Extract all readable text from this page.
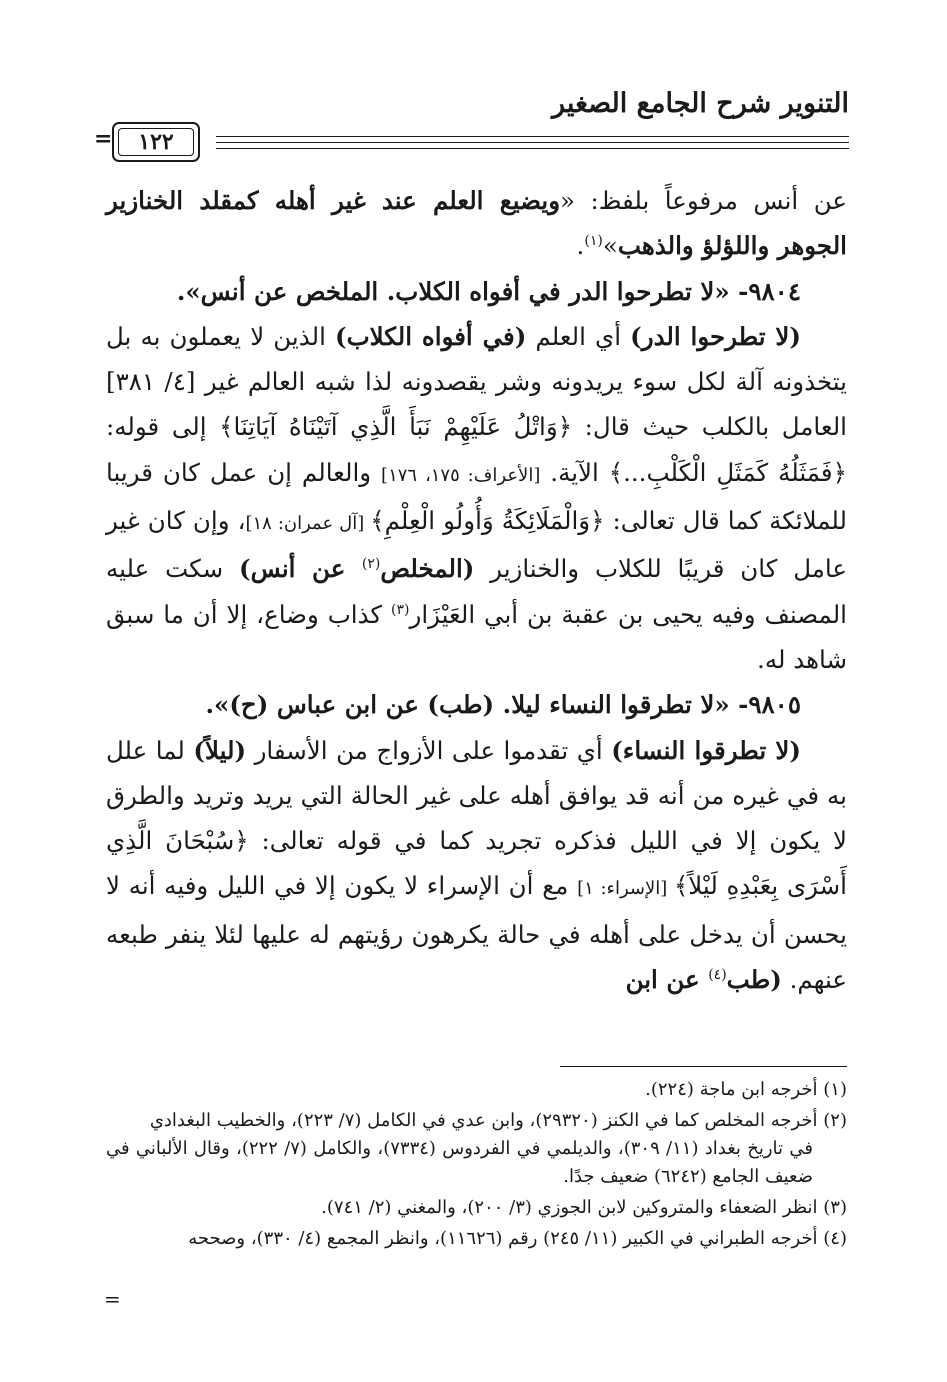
التنوير شرح الجامع الصغير
١٢٢
=

عن أنس مرفوعاً بلفظ: «ويضيع العلم عند غير أهله كمقلد الخنازير الجوهر واللؤلؤ والذهب»$^{(١)}$.

٩٨٠٤- «لا تطرحوا الدر في أفواه الكلاب. الملخص عن أنس».

(لا تطرحوا الدر) أي العلم (في أفواه الكلاب) الذين لا يعملون به بل يتخذونه آلة لكل سوء يريدونه وشر يقصدونه لذا شبه العالم غير [٤/ ٣٨١] العامل بالكلب حيث قال: ﴿وَاتْلُ عَلَيْهِمْ نَبَأَ الَّذِي آتَيْنَاهُ آيَاتِنَا﴾ إلى قوله: ﴿فَمَثَلُهُ كَمَثَلِ الْكَلْبِ...﴾ الآية. [الأعراف: ١٧٥، ١٧٦] والعالم إن عمل كان قريبا للملائكة كما قال تعالى: ﴿وَالْمَلَائِكَةُ وَأُولُو الْعِلْمِ﴾ [آل عمران: ١٨]، وإن كان غير عامل كان قريبًا للكلاب والخنازير (المخلص$^{(٢)}$ عن أنس) سكت عليه المصنف وفيه يحيى بن عقبة بن أبي العَيْزَار$^{(٣)}$ كذاب وضاع، إلا أن ما سبق شاهد له.

٩٨٠٥- «لا تطرقوا النساء ليلا. (طب) عن ابن عباس (ح)».

(لا تطرقوا النساء) أي تقدموا على الأزواج من الأسفار (ليلاً) لما علل به في غيره من أنه قد يوافق أهله على غير الحالة التي يريد وتريد والطرق لا يكون إلا في الليل فذكره تجريد كما في قوله تعالى: ﴿سُبْحَانَ الَّذِي أَسْرَى بِعَبْدِهِ لَيْلاً﴾ [الإسراء: ١] مع أن الإسراء لا يكون إلا في الليل وفيه أنه لا يحسن أن يدخل على أهله في حالة يكرهون رؤيتهم له عليها لئلا ينفر طبعه عنهم. (طب$^{(٤)}$ عن ابن

(١) أخرجه ابن ماجة (٢٢٤).

(٢) أخرجه المخلص كما في الكنز (٢٩٣٢٠)، وابن عدي في الكامل (٧/ ٢٢٣)، والخطيب البغدادي
في تاريخ بغداد (١١/ ٣٠٩)، والديلمي في الفردوس (٧٣٣٤)، والكامل (٧/ ٢٢٢)، وقال الألباني في ضعيف الجامع (٦٢٤٢) ضعيف جدًا.

(٣) انظر الضعفاء والمتروكين لابن الجوزي (٣/ ٢٠٠)، والمغني (٢/ ٧٤١).

(٤) أخرجه الطبراني في الكبير (١١/ ٢٤٥) رقم (١١٦٢٦)، وانظر المجمع (٤/ ٣٣٠)، وصححه

=
